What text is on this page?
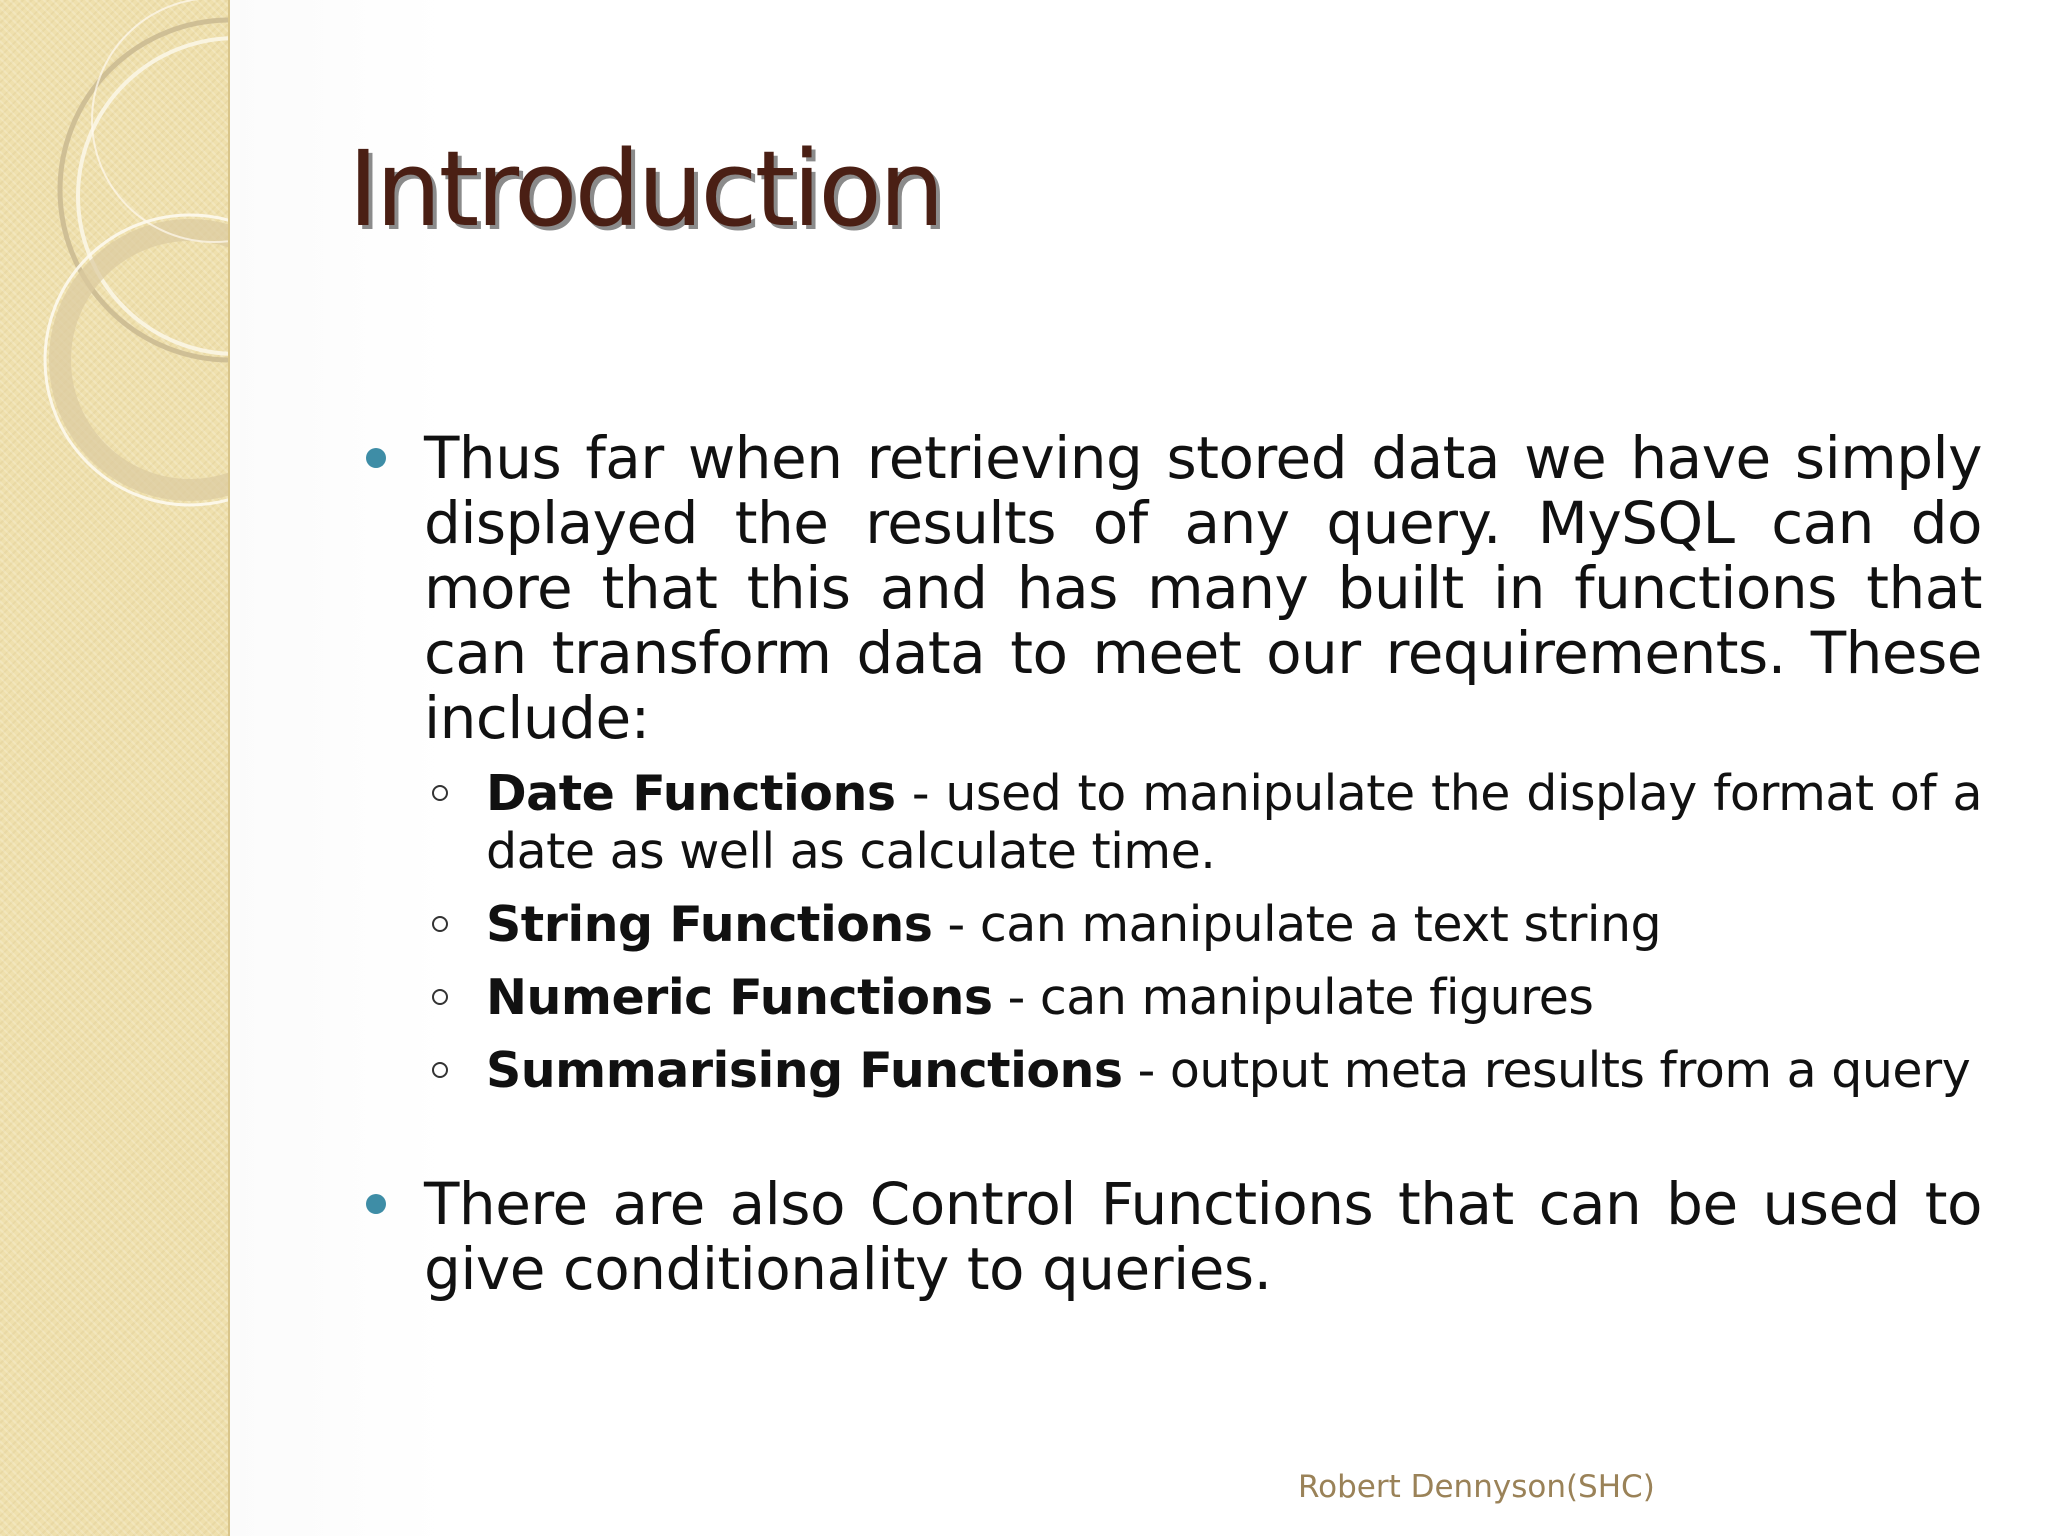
Introduction
Thus far when retrieving stored data we have simply displayed the results of any query. MySQL can do more that this and has many built in functions that can transform data to meet our requirements. These include:
Date Functions - used to manipulate the display format of a date as well as calculate time.
String Functions - can manipulate a text string
Numeric Functions - can manipulate figures
Summarising Functions - output meta results from a query
There are also Control Functions that can be used to give conditionality to queries.
Robert Dennyson(SHC)
